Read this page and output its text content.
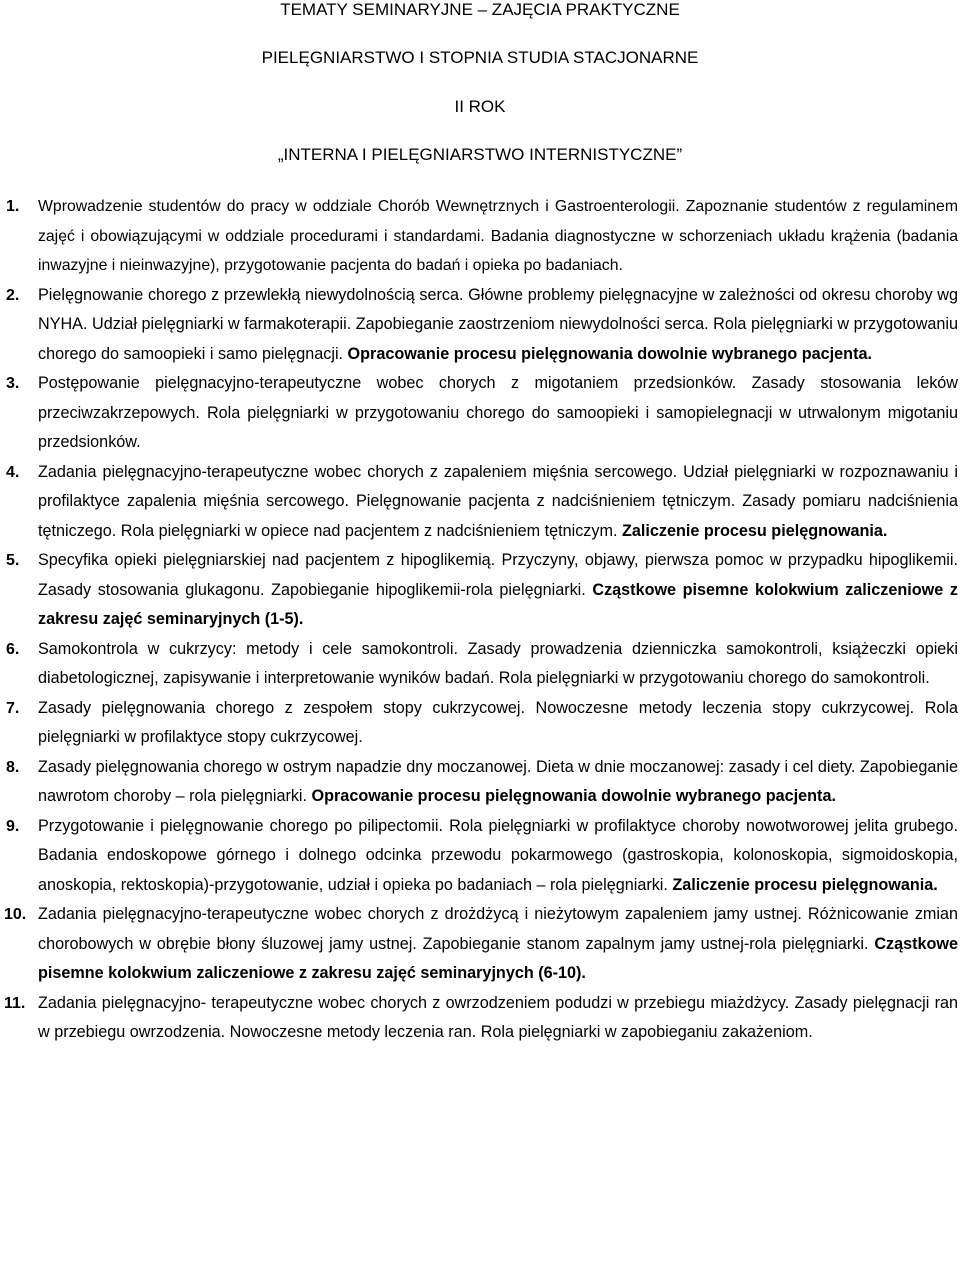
TEMATY SEMINARYJNE – ZAJĘCIA PRAKTYCZNE

PIELĘGNIARSTWO I STOPNIA STUDIA STACJONARNE

II ROK

„INTERNA I PIELĘGNIARSTWO INTERNISTYCZNE”

1. Wprowadzenie studentów do pracy w oddziale Chorób Wewnętrznych i Gastroenterologii. Zapoznanie studentów z regulaminem zajęć i obowiązującymi w oddziale procedurami i standardami. Badania diagnostyczne w schorzeniach układu krążenia (badania inwazyjne i nieinwazyjne), przygotowanie pacjenta do badań i opieka po badaniach.
2. Pielęgnowanie chorego z przewlekłą niewydolnością serca. Główne problemy pielęgnacyjne w zależności od okresu choroby wg NYHA. Udział pielęgniarki w farmakoterapii. Zapobieganie zaostrzeniom niewydolności serca. Rola pielęgniarki w przygotowaniu chorego do samoopieki i samo pielęgnacji. Opracowanie procesu pielęgnowania dowolnie wybranego pacjenta.
3. Postępowanie pielęgnacyjno-terapeutyczne wobec chorych z migotaniem przedsionków. Zasady stosowania leków przeciwzakrzepowych. Rola pielęgniarki w przygotowaniu chorego do samoopieki i samopielegnacji w utrwalonym migotaniu przedsionków.
4. Zadania pielęgnacyjno-terapeutyczne wobec chorych z zapaleniem mięśnia sercowego. Udział pielęgniarki w rozpoznawaniu i profilaktyce zapalenia mięśnia sercowego. Pielęgnowanie pacjenta z nadciśnieniem tętniczym. Zasady pomiaru nadciśnienia tętniczego. Rola pielęgniarki w opiece nad pacjentem z nadciśnieniem tętniczym. Zaliczenie procesu pielęgnowania.
5. Specyfika opieki pielęgniarskiej nad pacjentem z hipoglikemią. Przyczyny, objawy, pierwsza pomoc w przypadku hipoglikemii. Zasady stosowania glukagonu. Zapobieganie hipoglikemii-rola pielęgniarki. Cząstkowe pisemne kolokwium zaliczeniowe z zakresu zajęć seminaryjnych (1-5).
6. Samokontrola w cukrzycy: metody i cele samokontroli. Zasady prowadzenia dzienniczka samokontroli, książeczki opieki diabetologicznej, zapisywanie i interpretowanie wyników badań. Rola pielęgniarki w przygotowaniu chorego do samokontroli.
7. Zasady pielęgnowania chorego z zespołem stopy cukrzycowej. Nowoczesne metody leczenia stopy cukrzycowej. Rola pielęgniarki w profilaktyce stopy cukrzycowej.
8. Zasady pielęgnowania chorego w ostrym napadzie dny moczanowej. Dieta w dnie moczanowej: zasady i cel diety. Zapobieganie nawrotom choroby – rola pielęgniarki. Opracowanie procesu pielęgnowania dowolnie wybranego pacjenta.
9. Przygotowanie i pielęgnowanie chorego po pilipectomii. Rola pielęgniarki w profilaktyce choroby nowotworowej jelita grubego. Badania endoskopowe górnego i dolnego odcinka przewodu pokarmowego (gastroskopia, kolonoskopia, sigmoidoskopia, anoskopia, rektoskopia)-przygotowanie, udział i opieka po badaniach – rola pielęgniarki. Zaliczenie procesu pielęgnowania.
10. Zadania pielęgnacyjno-terapeutyczne wobec chorych z drożdżycą i nieżytowym zapaleniem jamy ustnej. Różnicowanie zmian chorobowych w obrębie błony śluzowej jamy ustnej. Zapobieganie stanom zapalnym jamy ustnej-rola pielęgniarki. Cząstkowe pisemne kolokwium zaliczeniowe z zakresu zajęć seminaryjnych (6-10).
11. Zadania pielęgnacyjno- terapeutyczne wobec chorych z owrzodzeniem podudzi w przebiegu miażdżycy. Zasady pielęgnacji ran w przebiegu owrzodzenia. Nowoczesne metody leczenia ran. Rola pielęgniarki w zapobieganiu zakażeniom.
